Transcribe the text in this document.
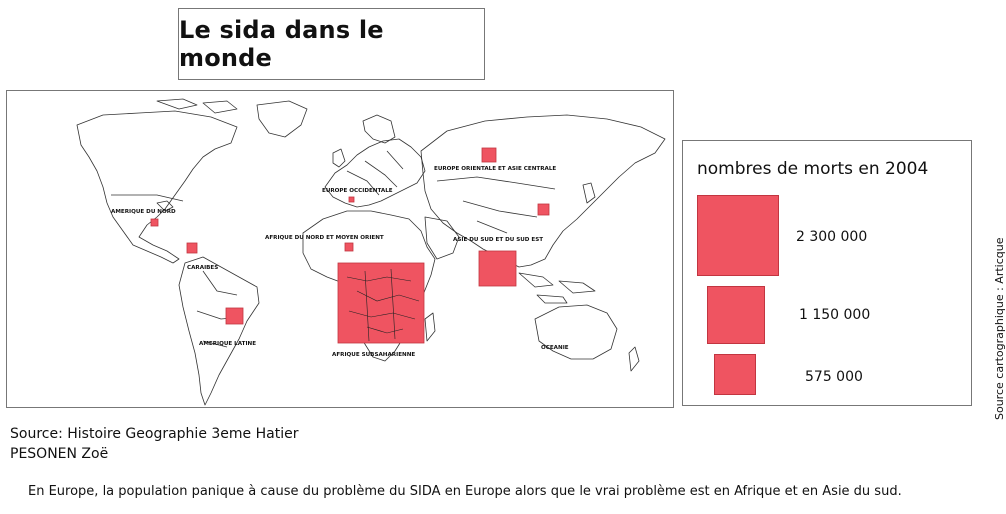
Le sida dans le monde
EUROPE ORIENTALE ET ASIE CENTRALE
EUROPE OCCIDENTALE
AMERIQUE DU NORD
AFRIQUE DU NORD ET MOYEN ORIENT	ASIE DU SUD ET DU SUD EST
CARAIBES
AMERIQUE LATINE
AFRIQUE SUBSAHARIENNE
OCEANIE
nombres de morts en 2004
2 300 000
1 150 000
575 000
Source: Histoire Geographie 3eme Hatier
PESONEN Zoë
En Europe, la population panique à cause du problème du SIDA en Europe alors que le vrai problème est en Afrique et en Asie du sud.
Source cartographique : Articque
